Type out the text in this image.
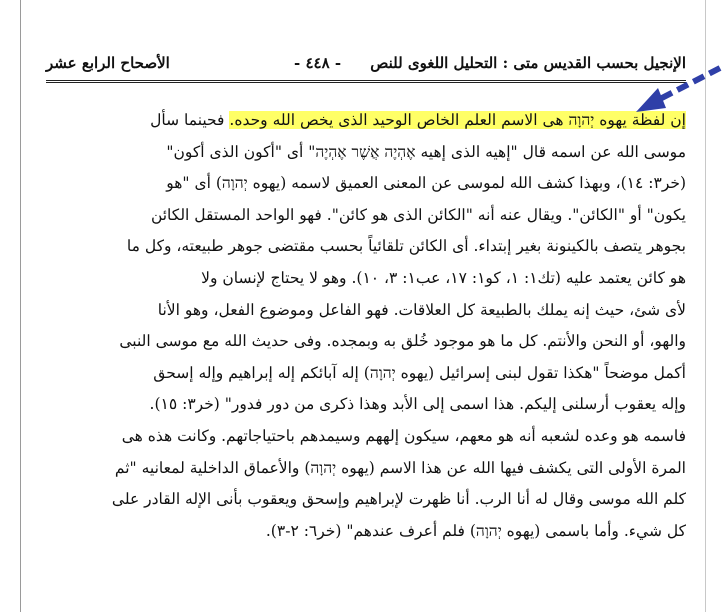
الأصحاح الرابع عشر	- ٤٤٨ - الإنجيل بحسب القديس متى : التحليل اللغوى للنص
إن لفظة يهوه יְהוָה هى الاسم العلم الخاص الوحيد الذى يخص الله وحده. فحينما سأل
موسى الله عن اسمه قال "إهيه الذى إهيه אֶהְיֶה אֲשֶׁר אֶהְיֶה" أى "أكون الذى أكون"
(خر٣: ١٤)، وبهذا كشف الله لموسى عن المعنى العميق لاسمه (يهوه יְהוָה) أى "هو
يكون" أو "الكائن". ويقال عنه أنه "الكائن الذى هو كائن". فهو الواحد المستقل الكائن
بجوهر يتصف بالكينونة بغير إبتداء. أى الكائن تلقائياً بحسب مقتضى جوهر طبيعته، وكل ما
هو كائن يعتمد عليه (تك١: ١، كو١: ١٧، عب١: ٣، ١٠). وهو لا يحتاج لإنسان ولا
لأى شئ، حيث إنه يملك بالطبيعة كل العلاقات. فهو الفاعل وموضوع الفعل، وهو الأنا
والهو، أو النحن والأنتم. كل ما هو موجود خُلق به وبمجده. وفى حديث الله مع موسى النبى
أكمل موضحاً "هكذا تقول لبنى إسرائيل (يهوه יְהוָה) إله آبائكم إله إبراهيم وإله إسحق
وإله يعقوب أرسلنى إليكم. هذا اسمى إلى الأبد وهذا ذكرى من دور فدور" (خر٣: ١٥).
فاسمه هو وعده لشعبه أنه هو معهم، سيكون إلههم وسيمدهم باحتياجاتهم. وكانت هذه هى
المرة الأولى التى يكشف فيها الله عن هذا الاسم (يهوه יְהוָה) والأعماق الداخلية لمعانيه "ثم
كلم الله موسى وقال له أنا الرب. أنا ظهرت لإبراهيم وإسحق ويعقوب بأنى الإله القادر على
كل شيء. وأما باسمى (يهوه יְהוָה) فلم أعرف عندهم" (خر٦: ٢-٣).
